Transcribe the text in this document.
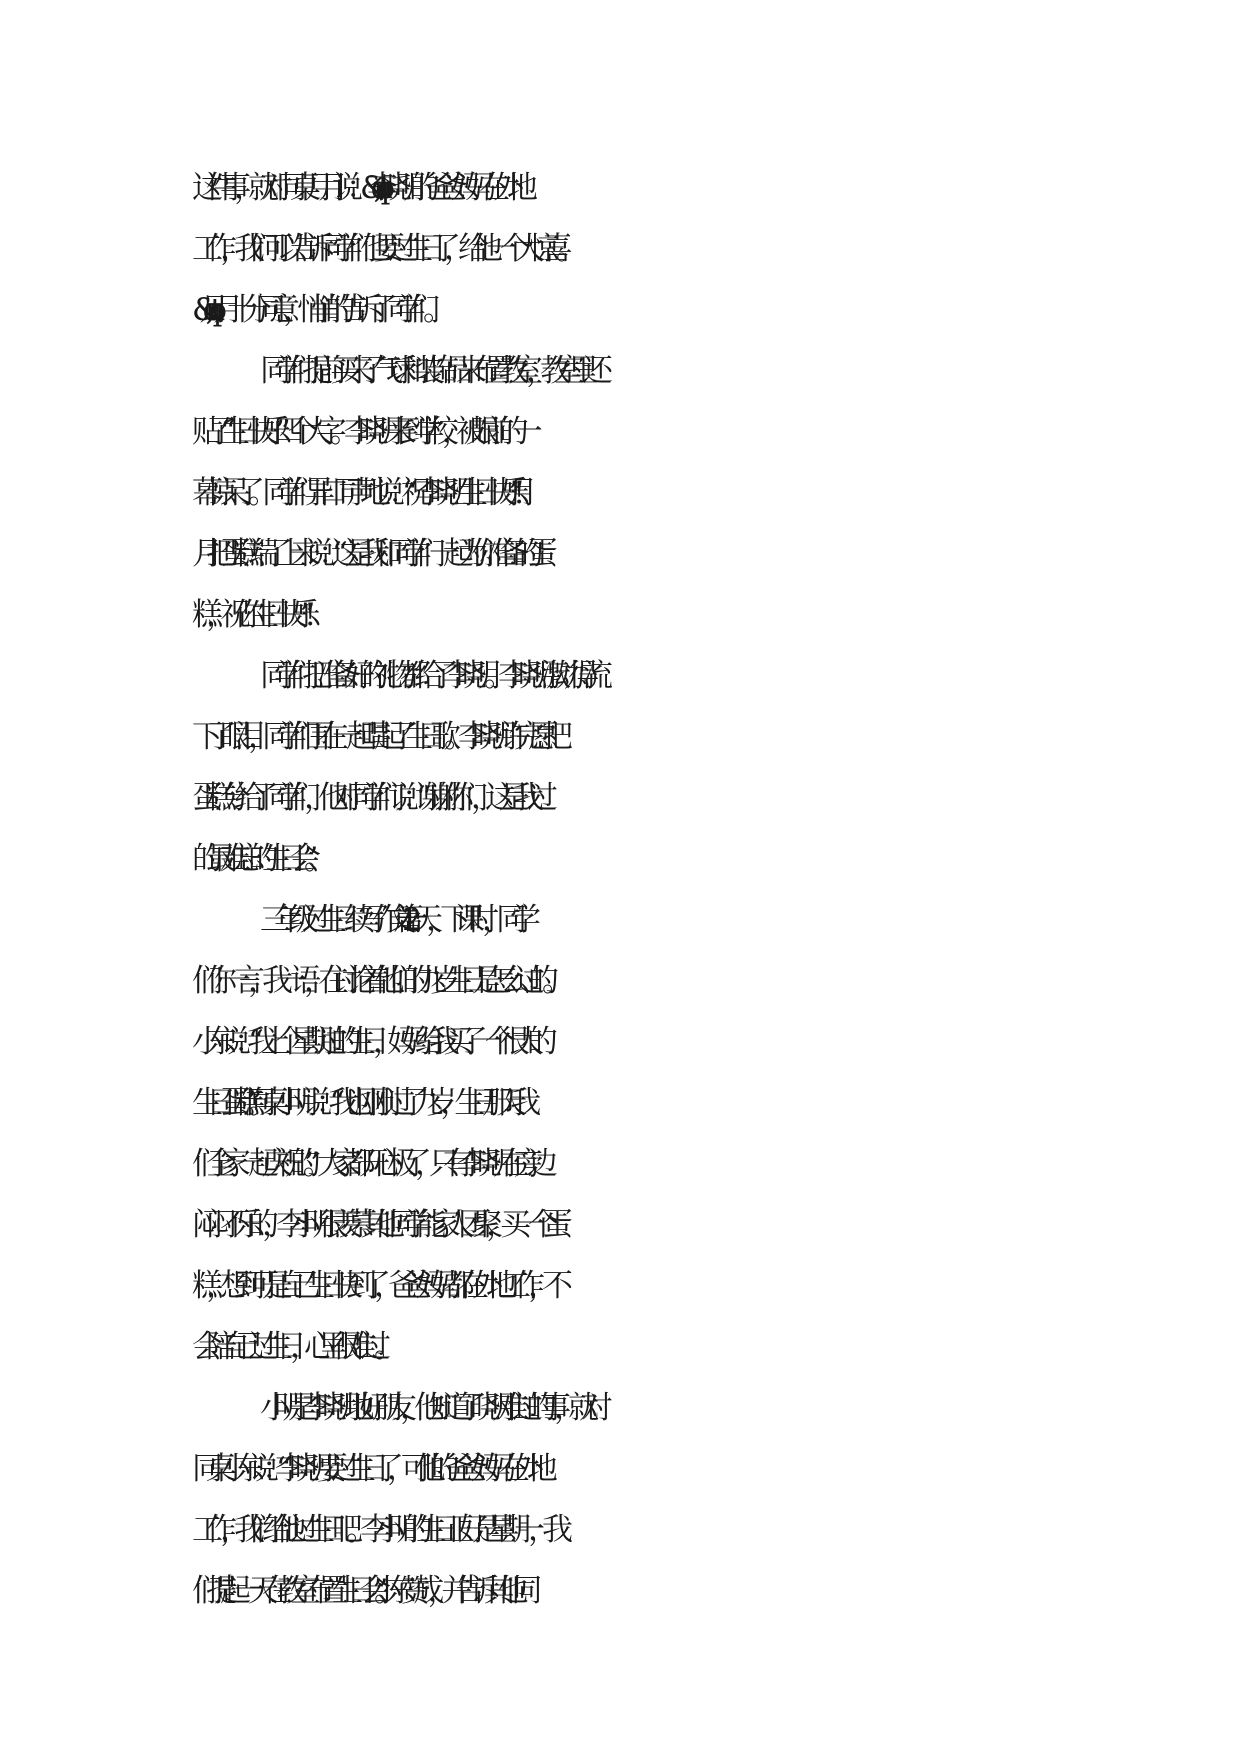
这件事，就对同桌月月说：&quot;李晓明的爸爸妈妈在外地
工作，我们可以告诉同学们他要过生日了，给他一个大惊喜。
&quot;月月十分同意，悄悄的告诉了同学们。
同学们提前买来了气球和装饰品来布置教室，教室里还
贴了“生日快乐”四个大字。李晓明来到学校，被眼前的一
幕惊呆了。同学们异口同声地说：“祝李晓明生日快乐!”月
月把蛋糕端了上来说：“这是我和同学们一起为你准备的蛋
糕，祝你生日快乐!”
同学们把准备好的礼物都给了李晓明。李晓明激动得流
下了眼泪，同学们围在一起唱起了生日歌。李晓明许完愿把
蛋糕分给了同学们，他对同学们说：“谢谢你们，这是我过
的最难忘的生日会。”
三年级过生日续写作文 篇 12 一天，下课时，同学
们你一言，我一语，在讨论着他们的九岁生日是怎么过的。
小东说：“我上个星期过的生日，妈妈给我买了一个很大的
生日蛋糕。”同桌小明说：“我也刚刚过了九岁，生日那天我
们全家一起庆祝的”。大家都开心极了，只有李晓明在旁边
闷闷不乐的，李小明很羡慕其他同学能家人团聚，买一个蛋
糕，想到可是自己生日快到了，爸爸妈妈都在外地工作，不
会陪自己过生日，心里很难过。
小明是李晓明地好朋友，他知道了晓明难过的事，就对
同桌小东说：“李晓明要过生日了，可他的爸爸妈妈在外地
工作，我们给他过生日吧。李小明的生日正好是星期一，我
们提起一天在教室布置生日会。”小东赞成，并告诉其他同
